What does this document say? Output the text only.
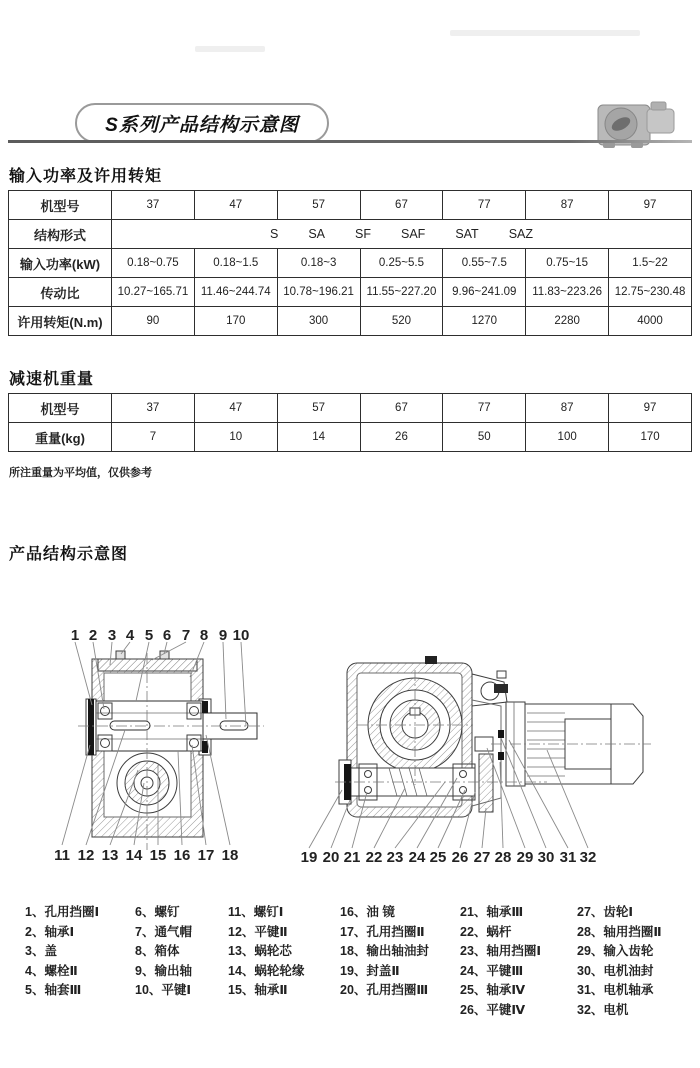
S系列产品结构示意图
输入功率及许用转矩
机型号	37	47	57	67	77	87	97
结构形式	S SA SF SAF SAT SAZ

输入功率(kW)	0.18~0.75	0.18~1.5	0.18~3	0.25~5.5	0.55~7.5	0.75~15	1.5~22
传动比	10.27~165.71	11.46~244.74	10.78~196.21	11.55~227.20	9.96~241.09	11.83~223.26	12.75~230.48
许用转矩(N.m)	90	170	300	520	1270	2280	4000
减速机重量
机型号	37	47	57	67	77	87	97
重量(kg)	7	10	14	26	50	100	170
所注重量为平均值，仅供参考
产品结构示意图
1 2 3 4 5 6 7 8 9 10
11 12 13 14 15 16 17 18	19 20 21 22 23 24 25 26 27 28 29 30 31 32
1、孔用挡圈Ⅰ
2、轴承Ⅰ
3、盖
4、螺栓Ⅱ
5、轴套Ⅲ
6、螺钉
7、通气帽
8、箱体
9、输出轴
10、平键Ⅰ
11、螺钉Ⅰ
12、平键Ⅱ
13、蜗轮芯
14、蜗轮轮缘
15、轴承Ⅱ
16、油 镜
17、孔用挡圈Ⅱ
18、输出轴油封
19、封盖Ⅱ
20、孔用挡圈Ⅲ
21、轴承Ⅲ
22、蜗杆
23、轴用挡圈Ⅰ
24、平键Ⅲ
25、轴承Ⅳ
26、平键Ⅳ
27、齿轮Ⅰ
28、轴用挡圈Ⅱ
29、输入齿轮
30、电机油封
31、电机轴承
32、电机
